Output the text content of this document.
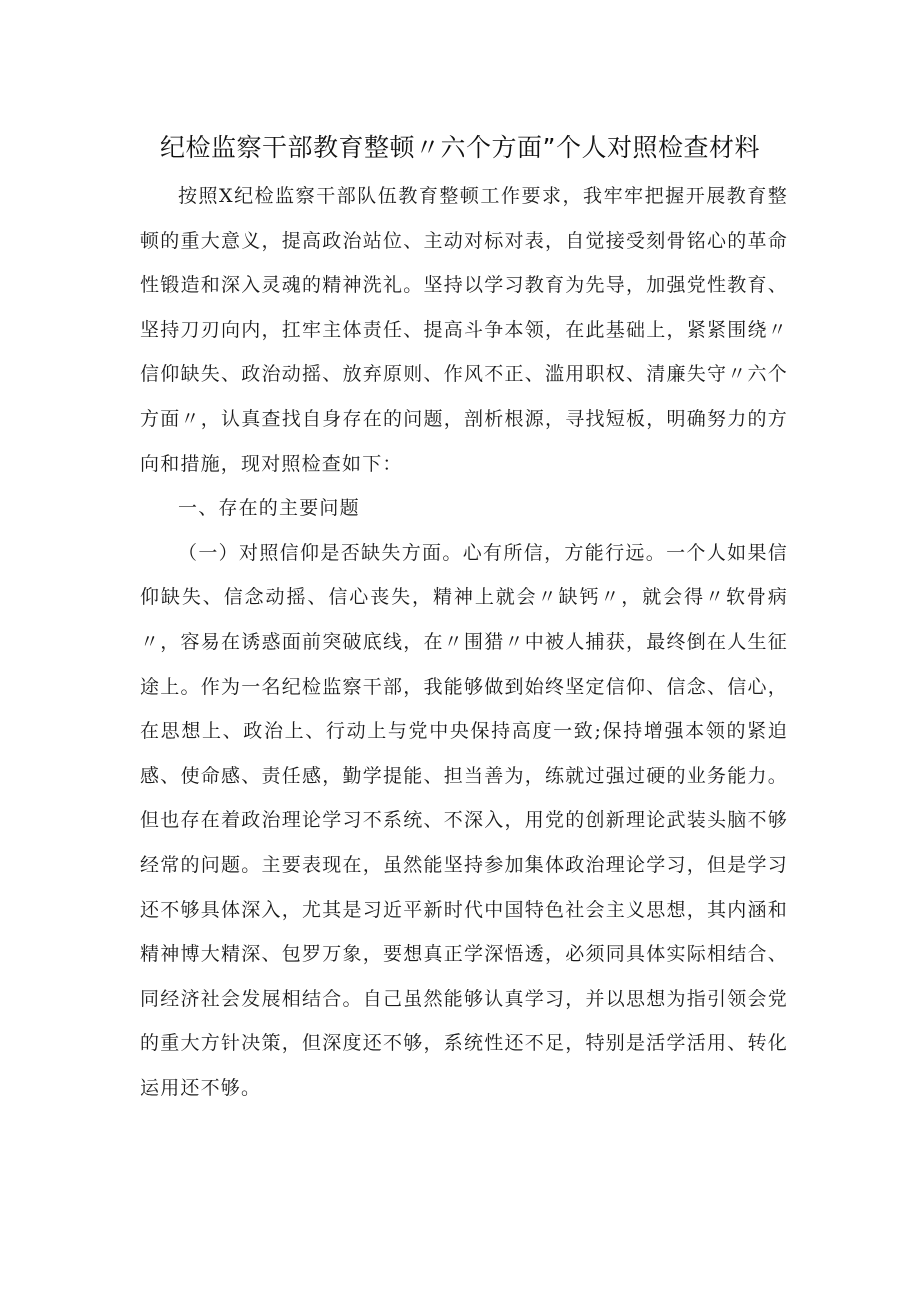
纪检监察干部教育整顿〃六个方面”个人对照检查材料

按照X纪检监察干部队伍教育整顿工作要求，我牢牢把握开展教育整顿的重大意义，提高政治站位、主动对标对表，自觉接受刻骨铭心的革命性锻造和深入灵魂的精神洗礼。坚持以学习教育为先导，加强党性教育、坚持刀刃向内，扛牢主体责任、提高斗争本领，在此基础上，紧紧围绕〃信仰缺失、政治动摇、放弃原则、作风不正、滥用职权、清廉失守〃六个方面〃，认真查找自身存在的问题，剖析根源，寻找短板，明确努力的方向和措施，现对照检查如下：

一、存在的主要问题

（一）对照信仰是否缺失方面。心有所信，方能行远。一个人如果信仰缺失、信念动摇、信心丧失，精神上就会〃缺钙〃，就会得〃软骨病〃，容易在诱惑面前突破底线，在〃围猎〃中被人捕获，最终倒在人生征途上。作为一名纪检监察干部，我能够做到始终坚定信仰、信念、信心，在思想上、政治上、行动上与党中央保持高度一致;保持增强本领的紧迫感、使命感、责任感，勤学提能、担当善为，练就过强过硬的业务能力。但也存在着政治理论学习不系统、不深入，用党的创新理论武装头脑不够经常的问题。主要表现在，虽然能坚持参加集体政治理论学习，但是学习还不够具体深入，尤其是习近平新时代中国特色社会主义思想，其内涵和精神博大精深、包罗万象，要想真正学深悟透，必须同具体实际相结合、同经济社会发展相结合。自己虽然能够认真学习，并以思想为指引领会党的重大方针决策，但深度还不够，系统性还不足，特别是活学活用、转化运用还不够。
